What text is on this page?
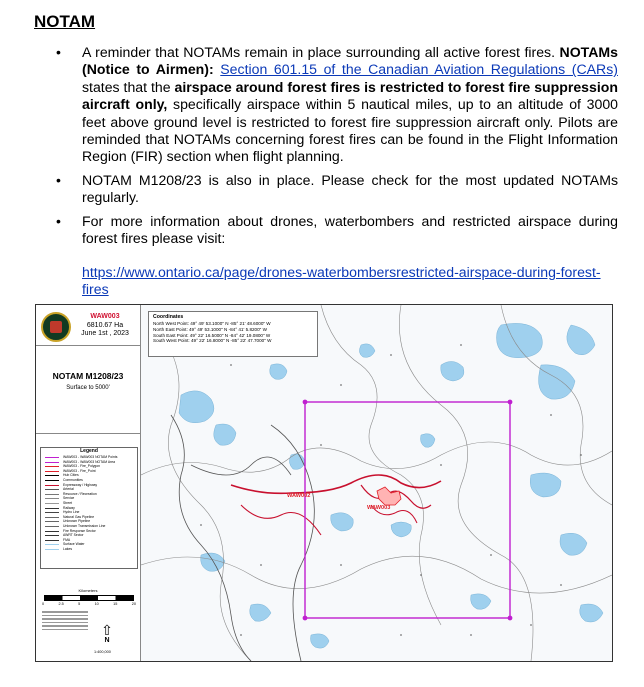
NOTAM
• A reminder that NOTAMs remain in place surrounding all active forest fires. NOTAMs (Notice to Airmen): Section 601.15 of the Canadian Aviation Regulations (CARs) states that the airspace around forest fires is restricted to forest fire suppression aircraft only, specifically airspace within 5 nautical miles, up to an altitude of 3000 feet above ground level is restricted to forest fire suppression aircraft only. Pilots are reminded that NOTAMs concerning forest fires can be found in the Flight Information Region (FIR) section when flight planning.
• NOTAM M1208/23 is also in place. Please check for the most updated NOTAMs regularly.
• For more information about drones, waterbombers and restricted airspace during forest fires please visit:
https://www.ontario.ca/page/drones-waterbombersrestricted-airspace-during-forest-fires
WAW003
6810.67 Ha
June 1st , 2023
NOTAM M1208/23
Surface to 5000'
Legend
WAW003 - WAW003 NOTAM Points
WAW003 - WAW003 NOTAM Area
WAW003 - Fire_Polygon
WAW003 - Fire_Point
Hub Cities
Communities
Expressway / Highway
Arterial
Resource / Recreation
Service
Street
Railway
Hydro Line
Natural Gas Pipeline
Unknown Pipeline
Unknown Transmission Line
Fire Response Sector
AWRT Sector
FMA
Surface Water
Lakes
Kilometers
0	2.5	5	10	15	20
⇧
N
1:400,000
Coordinates
North West Point: 49° 49' 53.1000" N -85° 21' 48.6000" W
North East Point: 49° 49' 53.1000" N -84° 41' 5.8200" W
South East Point: 49° 22' 16.5000" N -84° 42' 19.0800" W
South West Point: 49° 22' 16.8000" N -85° 22' 47.7000" W
WAW002
WAW003
